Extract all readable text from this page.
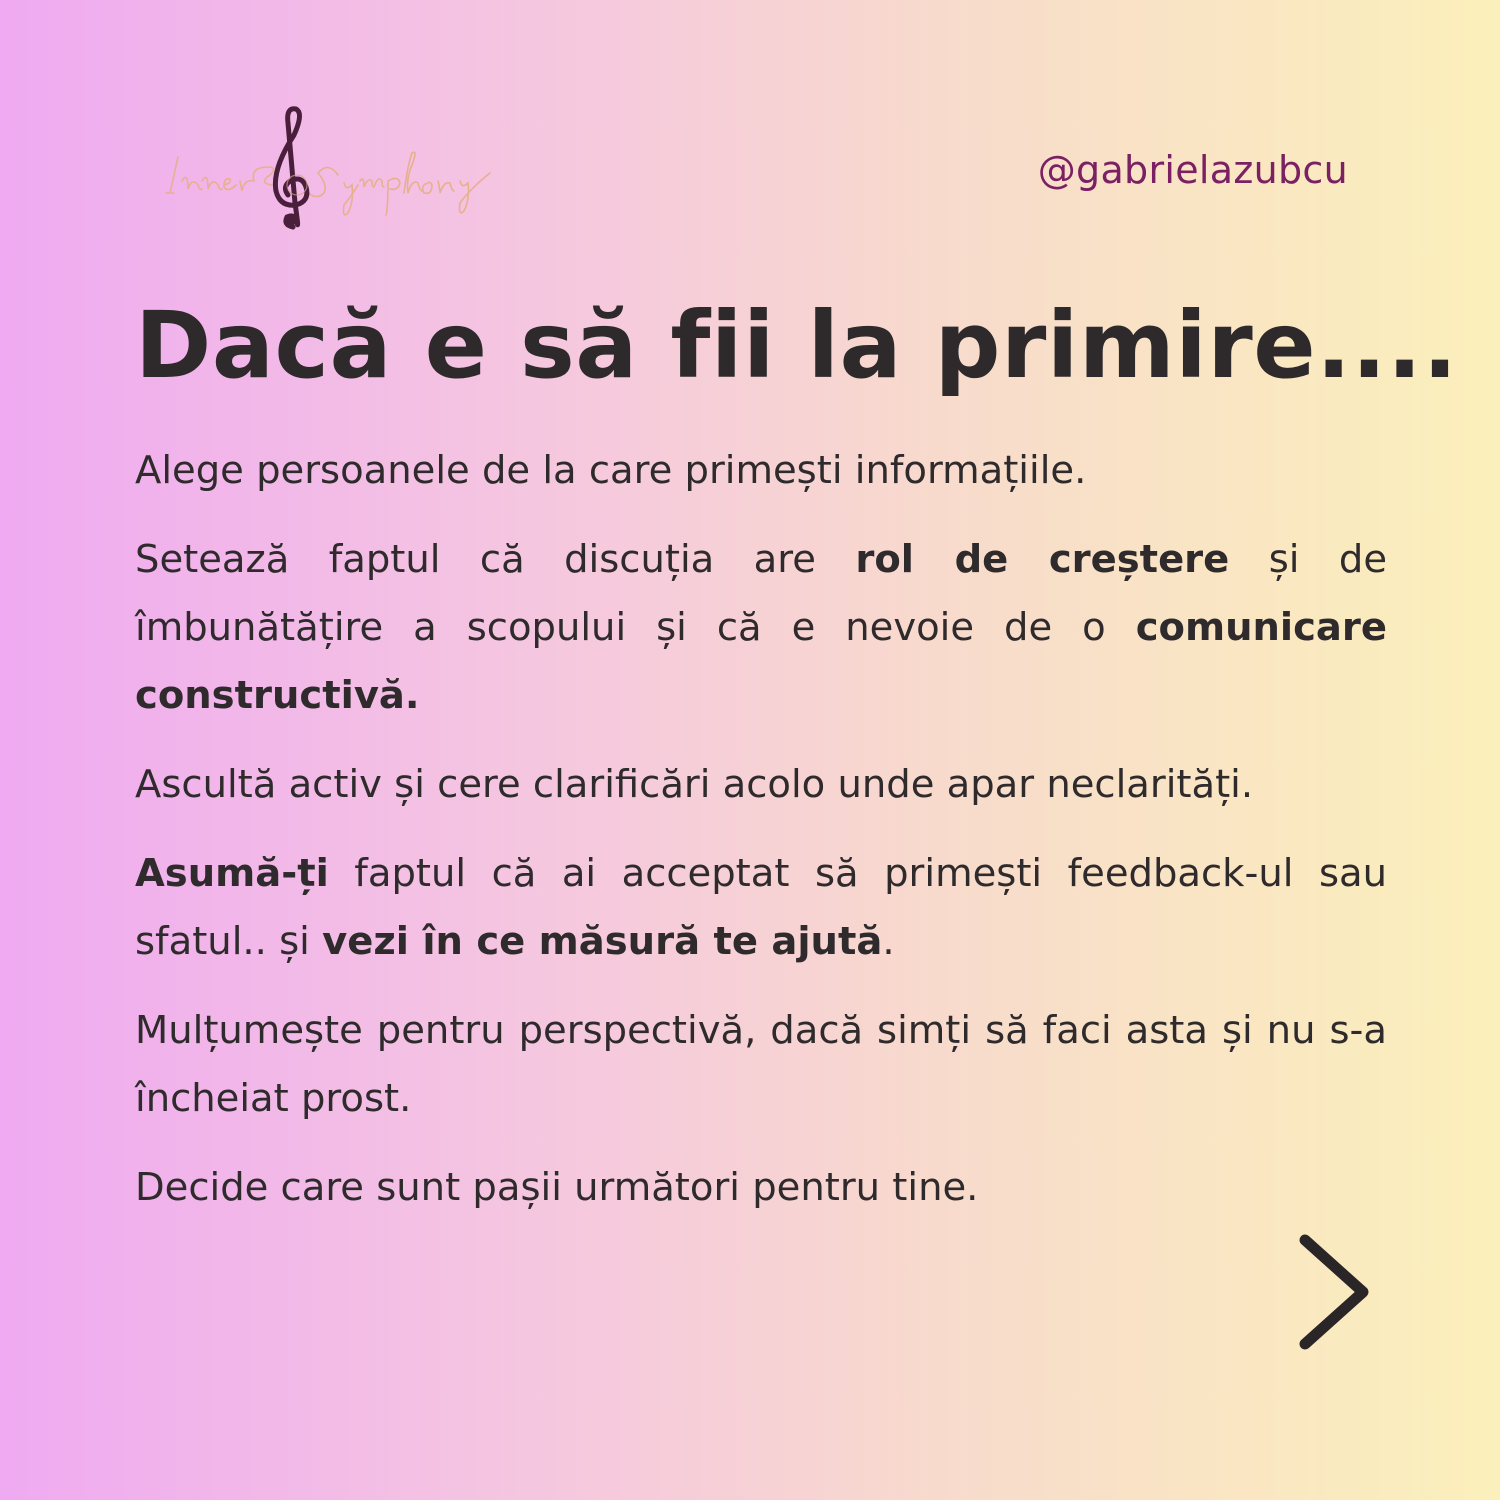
@gabrielazubcu
Dacă e să fii la primire....

Alege persoanele de la care primești informațiile.

Setează faptul că discuția are rol de creștere și de îmbunătățire a scopului și că e nevoie de o comunicare constructivă.

Ascultă activ și cere clarificări acolo unde apar neclarități.

Asumă-ți faptul că ai acceptat să primești feedback-ul sau sfatul.. și vezi în ce măsură te ajută.

Mulțumește pentru perspectivă, dacă simți să faci asta și nu s-a încheiat prost.

Decide care sunt pașii următori pentru tine.
